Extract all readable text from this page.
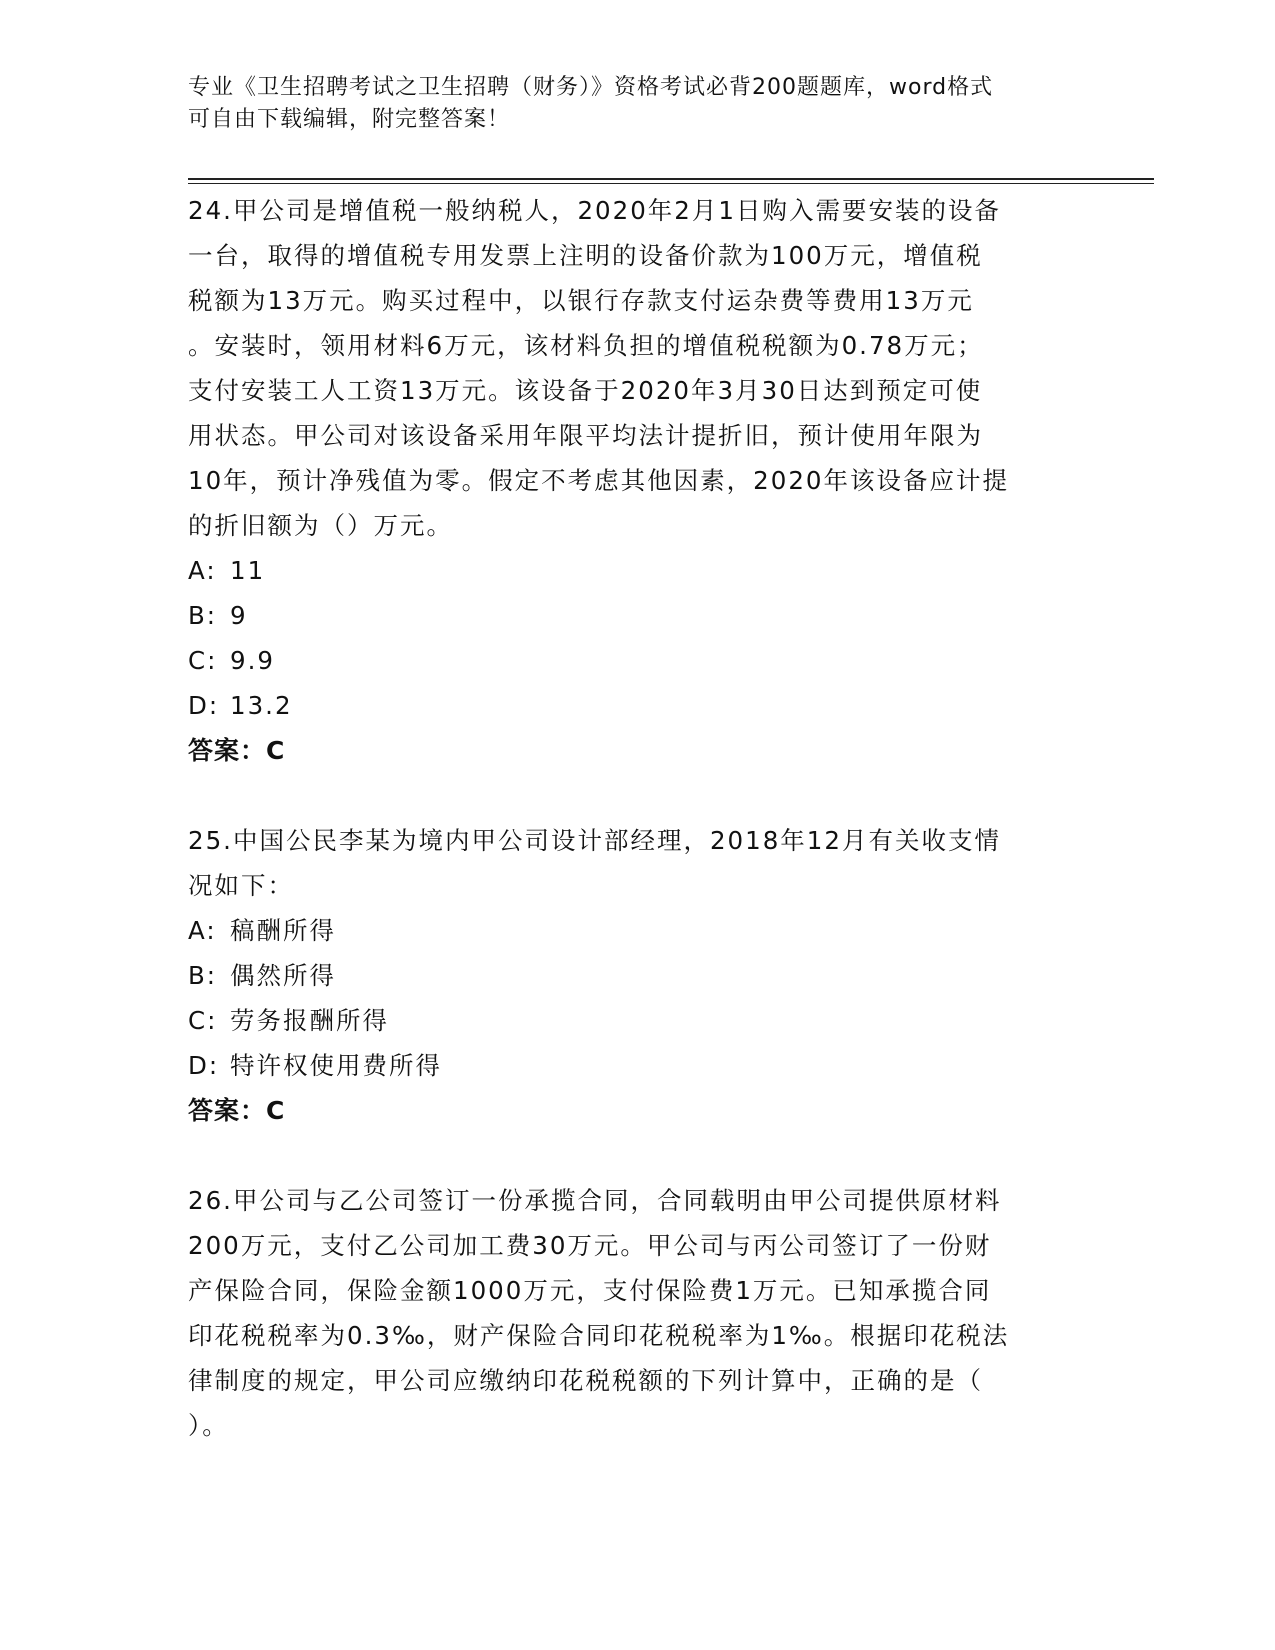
专业《卫生招聘考试之卫生招聘（财务）》资格考试必背200题题库，word格式
可自由下载编辑，附完整答案！

24.甲公司是增值税一般纳税人，2020年2月1日购入需要安装的设备

一台，取得的增值税专用发票上注明的设备价款为100万元，增值税

税额为13万元。购买过程中，以银行存款支付运杂费等费用13万元

。安装时，领用材料6万元，该材料负担的增值税税额为0.78万元；

支付安装工人工资13万元。该设备于2020年3月30日达到预定可使

用状态。甲公司对该设备采用年限平均法计提折旧，预计使用年限为

10年，预计净残值为零。假定不考虑其他因素，2020年该设备应计提

的折旧额为（）万元。

A: 11

B: 9

C: 9.9

D: 13.2

答案：C

25.中国公民李某为境内甲公司设计部经理，2018年12月有关收支情

况如下：

A: 稿酬所得

B: 偶然所得

C: 劳务报酬所得

D: 特许权使用费所得

答案：C

26.甲公司与乙公司签订一份承揽合同，合同载明由甲公司提供原材料

200万元，支付乙公司加工费30万元。甲公司与丙公司签订了一份财

产保险合同，保险金额1000万元，支付保险费1万元。已知承揽合同

印花税税率为0.3‰，财产保险合同印花税税率为1‰。根据印花税法

律制度的规定，甲公司应缴纳印花税税额的下列计算中，正确的是（

）。
